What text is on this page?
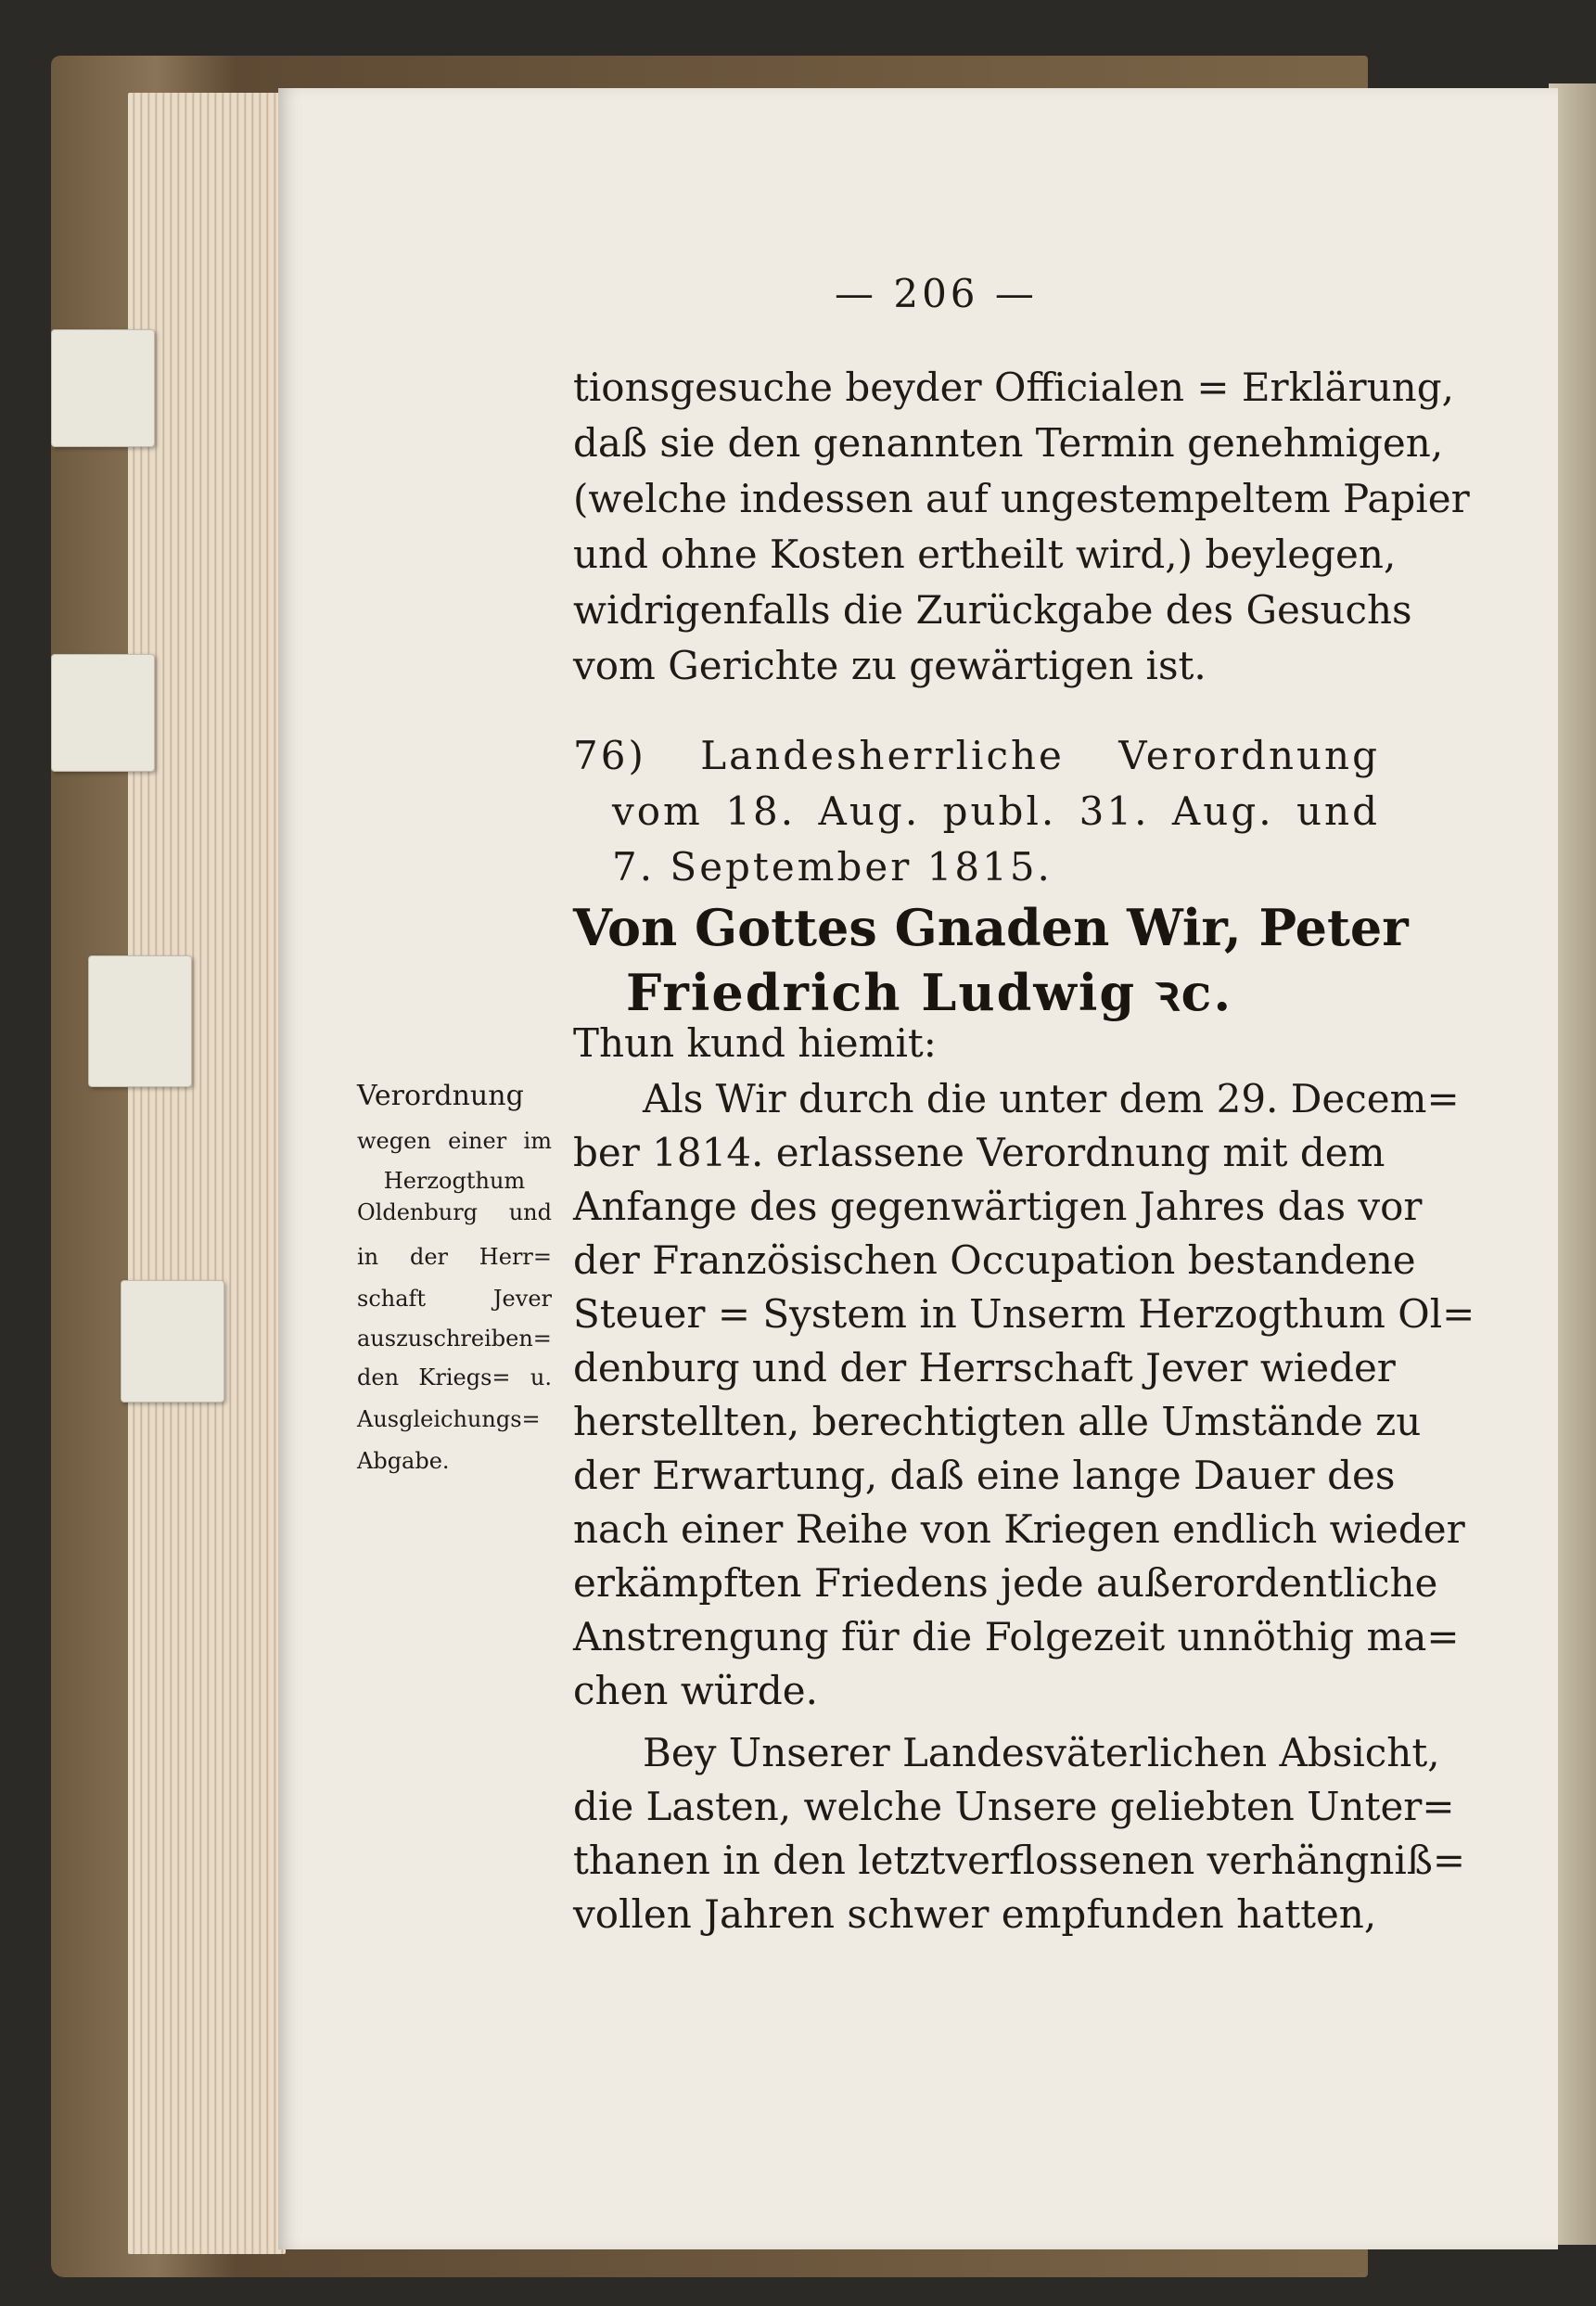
— 206 —
tionsgesuche beyder Officialen = Erklärung,
daß sie den genannten Termin genehmigen,
(welche indessen auf ungestempeltem Papier
und ohne Kosten ertheilt wird,) beylegen,
widrigenfalls die Zurückgabe des Gesuchs
vom Gerichte zu gewärtigen ist.
76) Landesherrliche Verordnung
vom 18. Aug. publ. 31. Aug. und
7. September 1815.
Von Gottes Gnaden Wir, Peter
Friedrich Ludwig ꝛc.
Thun kund hiemit:
Verordnung
wegen einer im
Herzogthum
Oldenburg und
in der Herr=
schaft Jever
auszuschreiben=
den Kriegs= u.
Ausgleichungs=
Abgabe.
Als Wir durch die unter dem 29. Decem=
ber 1814. erlassene Verordnung mit dem
Anfange des gegenwärtigen Jahres das vor
der Französischen Occupation bestandene
Steuer = System in Unserm Herzogthum Ol=
denburg und der Herrschaft Jever wieder
herstellten, berechtigten alle Umstände zu
der Erwartung, daß eine lange Dauer des
nach einer Reihe von Kriegen endlich wieder
erkämpften Friedens jede außerordentliche
Anstrengung für die Folgezeit unnöthig ma=
chen würde.
Bey Unserer Landesväterlichen Absicht,
die Lasten, welche Unsere geliebten Unter=
thanen in den letztverflossenen verhängniß=
vollen Jahren schwer empfunden hatten,
